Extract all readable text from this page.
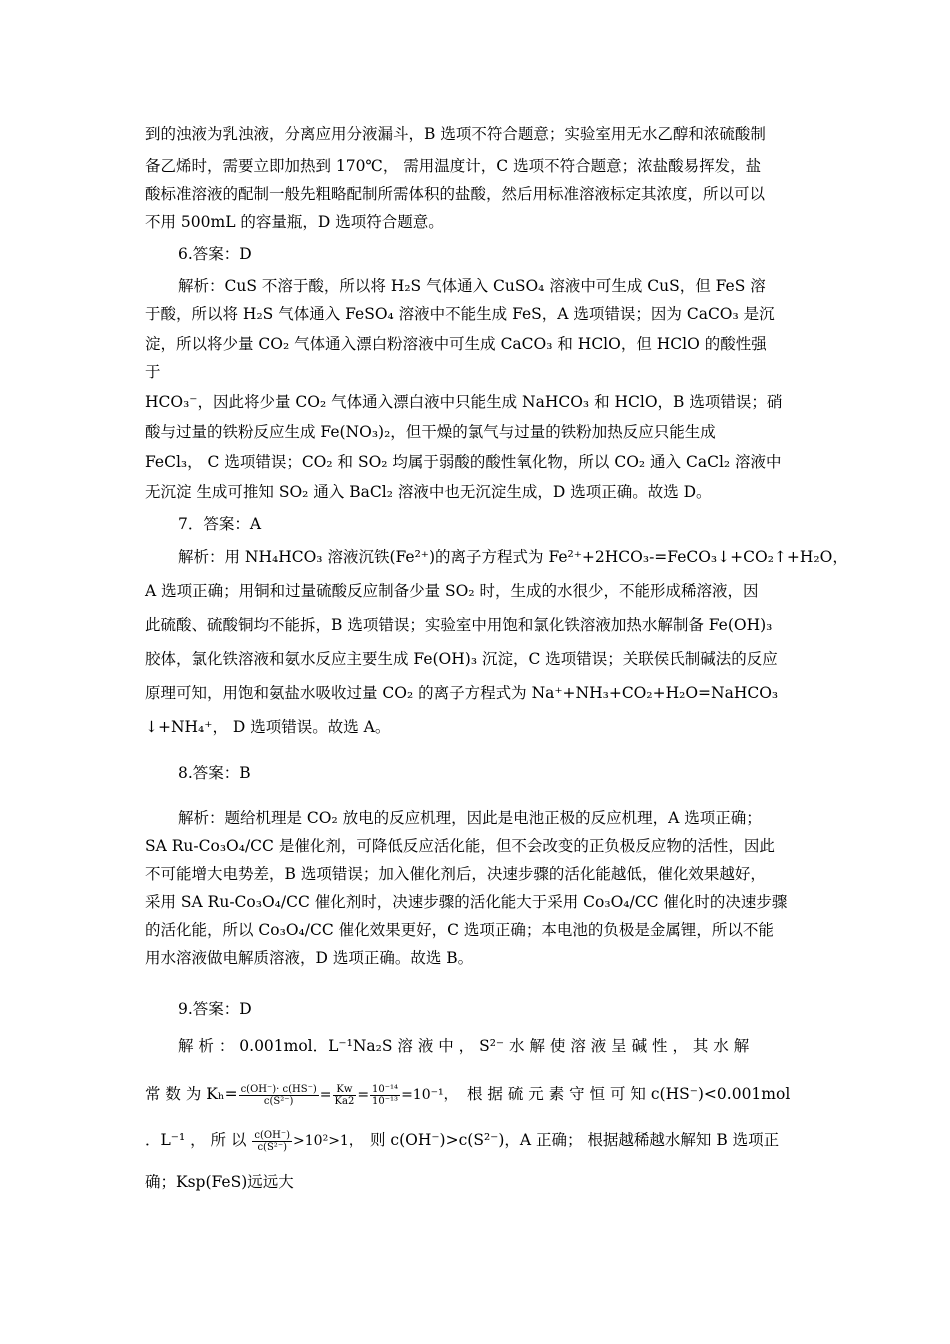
到的浊液为乳浊液，分离应用分液漏斗，B 选项不符合题意；实验室用无水乙醇和浓硫酸制
备乙烯时，需要立即加热到 170℃， 需用温度计，C 选项不符合题意；浓盐酸易挥发，盐
酸标准溶液的配制一般先粗略配制所需体积的盐酸，然后用标准溶液标定其浓度，所以可以
不用 500mL 的容量瓶，D 选项符合题意。
6.答案：D
解析：CuS 不溶于酸，所以将 H₂S 气体通入 CuSO₄ 溶液中可生成 CuS，但 FeS 溶
于酸，所以将 H₂S 气体通入 FeSO₄ 溶液中不能生成 FeS，A 选项错误；因为 CaCO₃ 是沉
淀，所以将少量 CO₂ 气体通入漂白粉溶液中可生成 CaCO₃ 和 HClO，但 HClO 的酸性强
于
HCO₃⁻，因此将少量 CO₂ 气体通入漂白液中只能生成 NaHCO₃ 和 HClO，B 选项错误；硝
酸与过量的铁粉反应生成 Fe(NO₃)₂，但干燥的氯气与过量的铁粉加热反应只能生成
FeCl₃， C 选项错误；CO₂ 和 SO₂ 均属于弱酸的酸性氧化物，所以 CO₂ 通入 CaCl₂ 溶液中
无沉淀 生成可推知 SO₂ 通入 BaCl₂ 溶液中也无沉淀生成，D 选项正确。故选 D。
7．答案：A
解析：用 NH₄HCO₃ 溶液沉铁(Fe²⁺)的离子方程式为 Fe²⁺+2HCO₃-=FeCO₃↓+CO₂↑+H₂O，
A 选项正确；用铜和过量硫酸反应制备少量 SO₂ 时，生成的水很少，不能形成稀溶液，因
此硫酸、硫酸铜均不能拆，B 选项错误；实验室中用饱和氯化铁溶液加热水解制备 Fe(OH)₃
胶体，氯化铁溶液和氨水反应主要生成 Fe(OH)₃ 沉淀，C 选项错误；关联侯氏制碱法的反应
原理可知，用饱和氨盐水吸收过量 CO₂ 的离子方程式为 Na⁺+NH₃+CO₂+H₂O=NaHCO₃
↓+NH₄⁺， D 选项错误。故选 A。
8.答案：B
解析：题给机理是 CO₂ 放电的反应机理，因此是电池正极的反应机理，A 选项正确；
SA Ru-Co₃O₄/CC 是催化剂，可降低反应活化能，但不会改变的正负极反应物的活性，因此
不可能增大电势差，B 选项错误；加入催化剂后，决速步骤的活化能越低，催化效果越好，
采用 SA Ru-Co₃O₄/CC 催化剂时，决速步骤的活化能大于采用 Co₃O₄/CC 催化时的决速步骤
的活化能，所以 Co₃O₄/CC 催化效果更好，C 选项正确；本电池的负极是金属锂，所以不能
用水溶液做电解质溶液，D 选项正确。故选 B。
9.答案：D
解 析 ： 0.001mol．L⁻¹Na₂S 溶 液 中 ， S²⁻ 水 解 使 溶 液 呈 碱 性 ， 其 水 解
常 数 为 $K_h= \frac{c(OH^-)\cdot c(HS^-)}{\text{c(S²⁻)}} = \frac{Kw}{Ka2} = \frac{\text{10⁻¹⁴}}{\text{10⁻¹³}} =10^{-1}$， 根 据 硫 元 素 守 恒 可 知 c(HS⁻)<0.001mol
．L⁻¹ ， 所 以 $\frac{c(OH^-)}{\text{c(S²⁻)}} >10^2>1$， 则 c(OH⁻)>c(S²⁻)，A 正确； 根据越稀越水解知 B 选项正
确；Ksp(FeS)远远大
